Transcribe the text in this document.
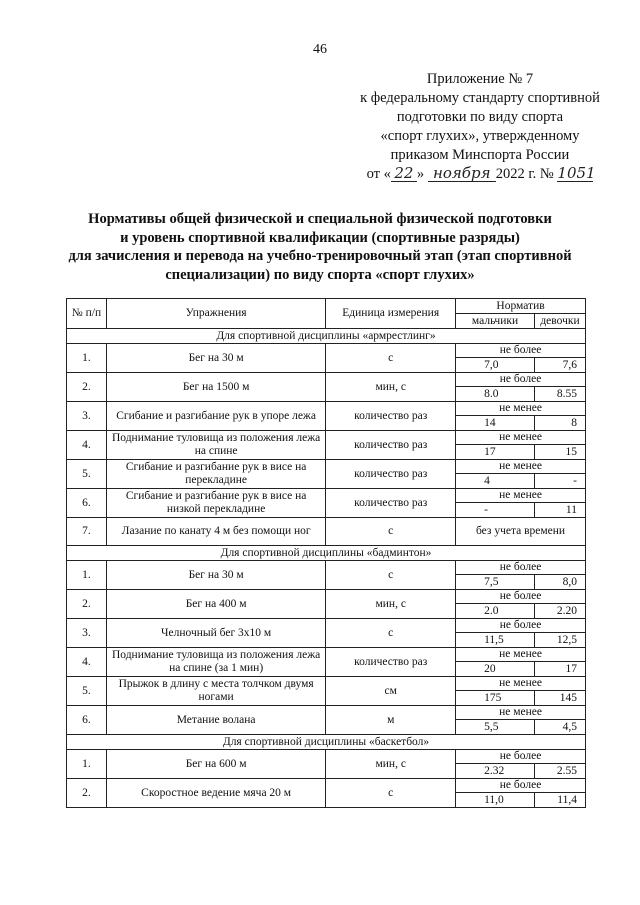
46
Приложение № 7
к федеральному стандарту спортивной
подготовки по виду спорта
«спорт глухих», утвержденному
приказом Минспорта России
от « 22 » ноября 2022 г. № 1051
Нормативы общей физической и специальной физической подготовки
и уровень спортивной квалификации (спортивные разряды)
для зачисления и перевода на учебно-тренировочный этап (этап спортивной
специализации) по виду спорта «спорт глухих»
№ п/п	Упражнения	Единица измерения	Норматив	
			мальчики	девочки
Для спортивной дисциплины «армрестлинг»				
1.	Бег на 30 м	с	не более	
			7,0	7,6
2.	Бег на 1500 м	мин, с	не более	
			8.0	8.55
3.	Сгибание и разгибание рук в упоре лежа	количество раз	не менее	
			14	8
4.	Поднимание туловища из положения лежа на спине	количество раз	не менее	
			17	15
5.	Сгибание и разгибание рук в висе на перекладине	количество раз	не менее	
			4	-
6.	Сгибание и разгибание рук в висе на низкой перекладине	количество раз	не менее	
			-	11
7.	Лазание по канату 4 м без помощи ног	с	без учета времени	
Для спортивной дисциплины «бадминтон»				
1.	Бег на 30 м	с	не более	
			7,5	8,0
2.	Бег на 400 м	мин, с	не более	
			2.0	2.20
3.	Челночный бег 3х10 м	с	не более	
			11,5	12,5
4.	Поднимание туловища из положения лежа на спине (за 1 мин)	количество раз	не менее	
			20	17
5.	Прыжок в длину с места толчком двумя ногами	см	не менее	
			175	145
6.	Метание волана	м	не менее	
			5,5	4,5
Для спортивной дисциплины «баскетбол»				
1.	Бег на 600 м	мин, с	не более	
			2.32	2.55
2.	Скоростное ведение мяча 20 м	с	не более	
			11,0	11,4
